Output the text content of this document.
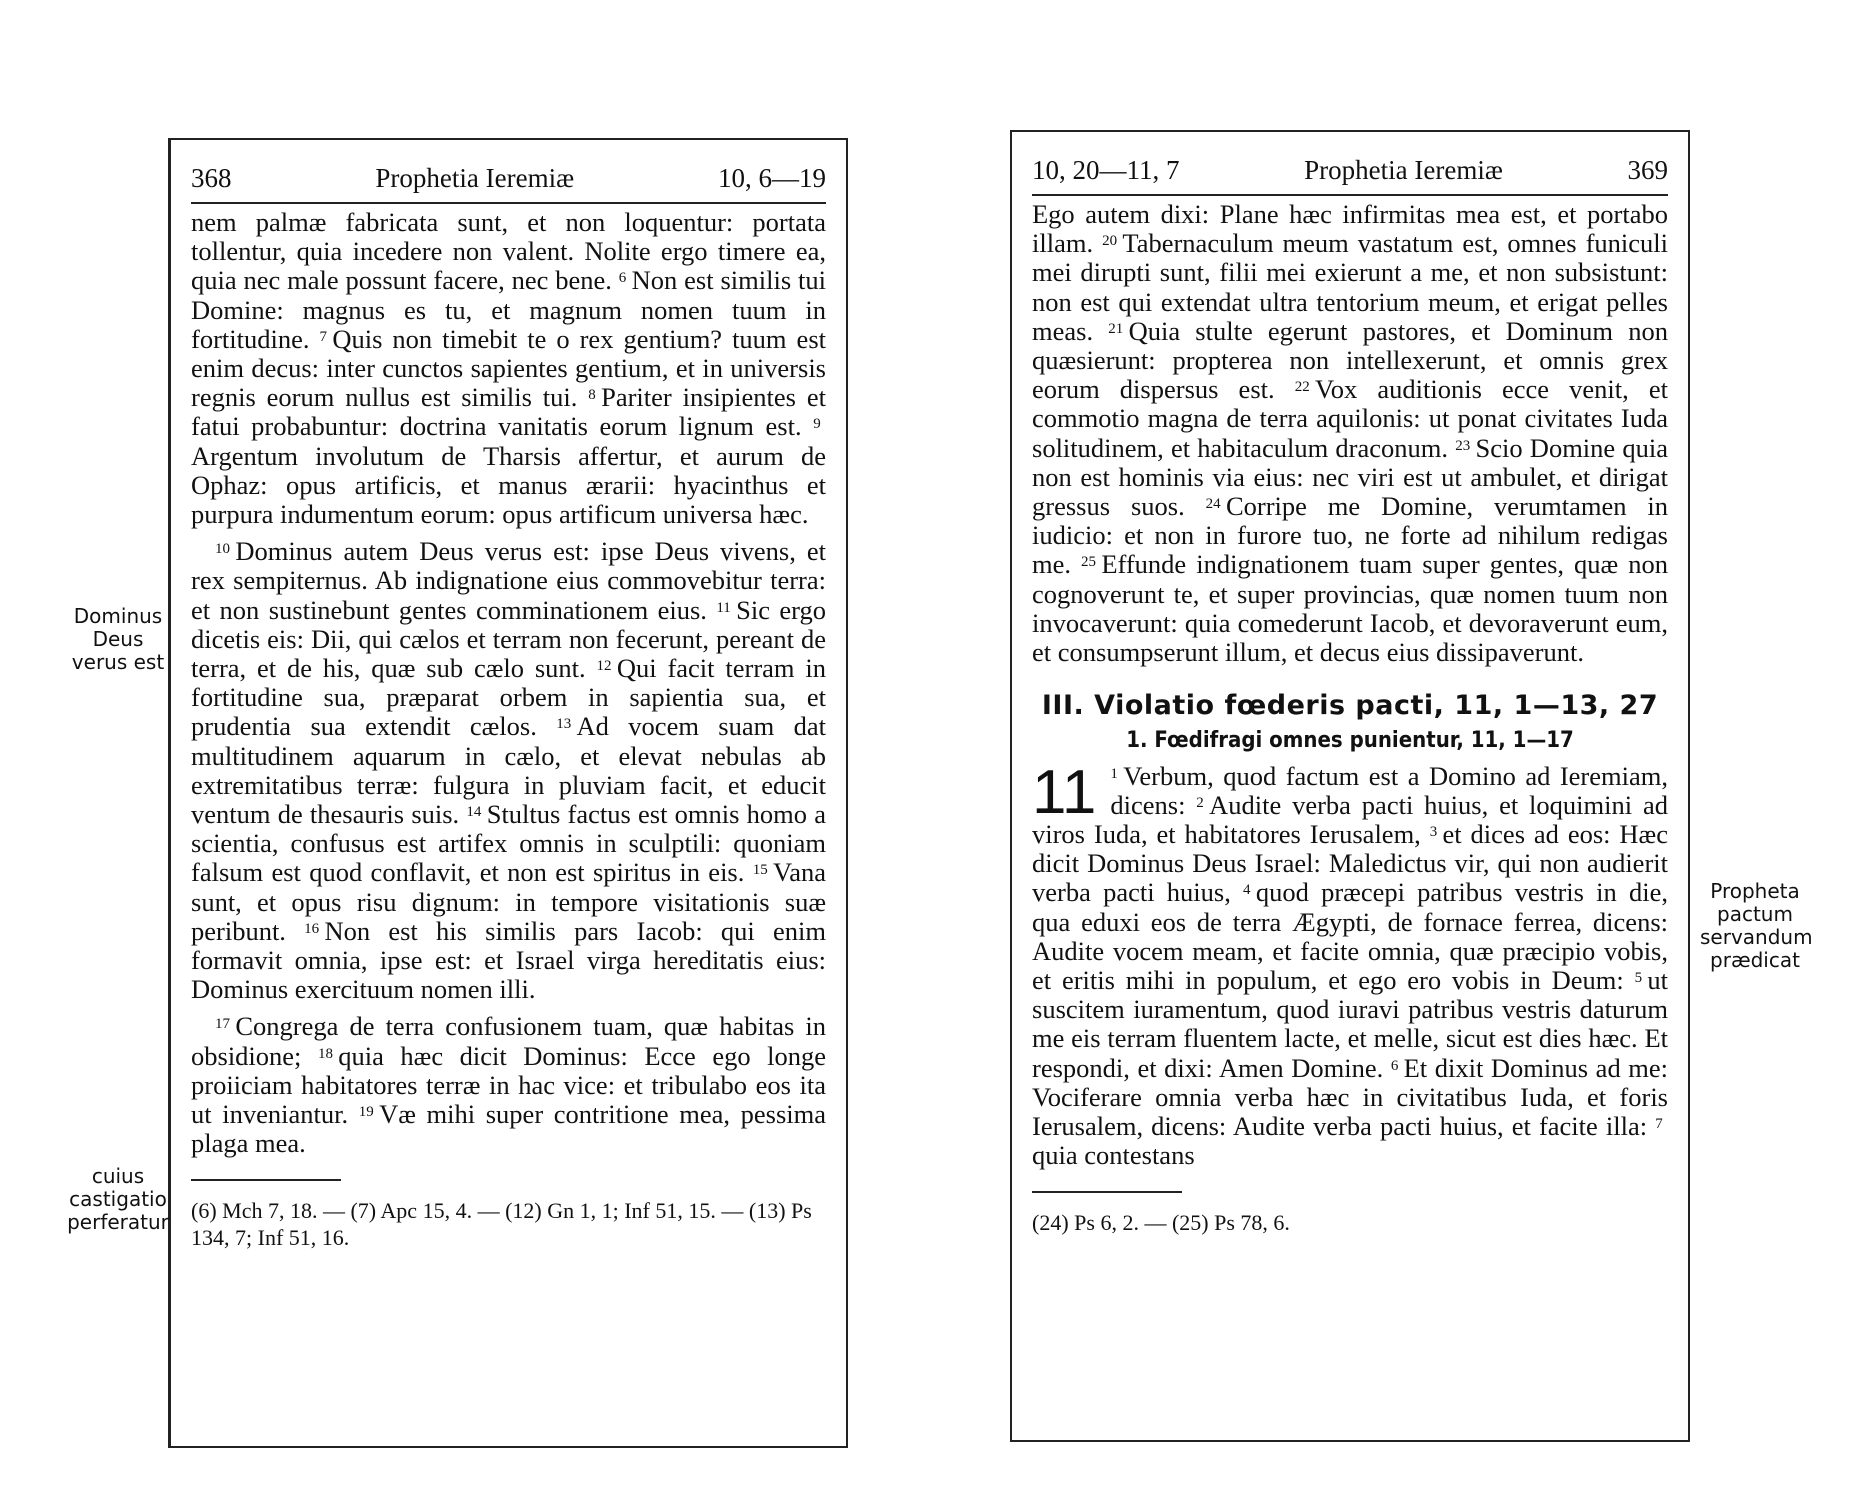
368	Prophetia Ieremiæ	10, 6—19

nem palmæ fabricata sunt, et non loquentur: portata tollentur, quia incedere non valent. Nolite ergo timere ea, quia nec male possunt facere, nec bene. $^6$  Non est similis tui Domine: magnus es tu, et magnum nomen tuum in fortitudine. $^7$  Quis non timebit te o rex gentium? tuum est enim decus: inter cunctos sapientes gentium, et in universis regnis eorum nullus est similis tui. $^8$  Pariter insipientes et fatui probabuntur: doctrina vanitatis eorum lignum est. $^9$ Argentum involutum de Tharsis affertur, et aurum de Ophaz: opus artificis, et manus ærarii: hyacinthus et purpura indumentum eorum: opus artificum universa hæc.

$^{10}$  Dominus autem Deus verus est: ipse Deus vivens, et rex sempiternus. Ab indignatione eius commovebitur terra: et non sustinebunt gentes comminationem eius. $^{11}$  Sic ergo dicetis eis: Dii, qui cælos et terram non fecerunt, pereant de terra, et de his, quæ sub cælo sunt. $^{12}$  Qui facit terram in fortitudine sua, præparat orbem in sapientia sua, et prudentia sua extendit cælos. $^{13}$  Ad vocem suam dat multitudinem aquarum in cælo, et elevat nebulas ab extremitatibus terræ: fulgura in pluviam facit, et educit ventum de thesauris suis. $^{14}$  Stultus factus est omnis homo a scientia, confusus est artifex omnis in sculptili: quoniam falsum est quod conflavit, et non est spiritus in eis. $^{15}$  Vana sunt, et opus risu dignum: in tempore visitationis suæ peribunt. $^{16}$  Non est his similis pars Iacob: qui enim formavit omnia, ipse est: et Israel virga hereditatis eius: Dominus exercituum nomen illi.

$^{17}$  Congrega de terra confusionem tuam, quæ habitas in obsidione; $^{18}$  quia hæc dicit Dominus: Ecce ego longe proiiciam habitatores terræ in hac vice: et tribulabo eos ita ut inveniantur. $^{19}$  Væ mihi super contritione mea, pessima plaga mea.

(6) Mch 7, 18. — (7) Apc 15, 4. — (12) Gn 1, 1; Inf 51, 15. — (13) Ps 134, 7; Inf 51, 16.
Dominus Deus verus est
cuius castigatio perferatur
10, 20—11, 7	Prophetia Ieremiæ	369

Ego autem dixi: Plane hæc infirmitas mea est, et portabo illam. $^{20}$  Tabernaculum meum vastatum est, omnes funiculi mei dirupti sunt, filii mei exierunt a me, et non subsistunt: non est qui extendat ultra tentorium meum, et erigat pelles meas. $^{21}$  Quia stulte egerunt pastores, et Dominum non quæsierunt: propterea non intellexerunt, et omnis grex eorum dispersus est. $^{22}$  Vox auditionis ecce venit, et commotio magna de terra aquilonis: ut ponat civitates Iuda solitudinem, et habitaculum draconum. $^{23}$  Scio Domine quia non est hominis via eius: nec viri est ut ambulet, et dirigat gressus suos. $^{24}$  Corripe me Domine, verumtamen in iudicio: et non in furore tuo, ne forte ad nihilum redigas me. $^{25}$  Effunde indignationem tuam super gentes, quæ non cognoverunt te, et super provincias, quæ nomen tuum non invocaverunt: quia comederunt Iacob, et devoraverunt eum, et consumpserunt illum, et decus eius dissipaverunt.

III. Violatio fœderis pacti, 11, 1—13, 27
1. Fœdifragi omnes punientur, 11, 1—17

11 $^1$  Verbum, quod factum est a Domino ad Ieremiam, dicens: $^2$  Audite verba pacti huius, et loquimini ad viros Iuda, et habitatores Ierusalem, $^3$  et dices ad eos: Hæc dicit Dominus Deus Israel: Maledictus vir, qui non audierit verba pacti huius, $^4$  quod præcepi patribus vestris in die, qua eduxi eos de terra Ægypti, de fornace ferrea, dicens: Audite vocem meam, et facite omnia, quæ præcipio vobis, et eritis mihi in populum, et ego ero vobis in Deum: $^5$  ut suscitem iuramentum, quod iuravi patribus vestris daturum me eis terram fluentem lacte, et melle, sicut est dies hæc. Et respondi, et dixi: Amen Domine. $^6$  Et dixit Dominus ad me: Vociferare omnia verba hæc in civitatibus Iuda, et foris Ierusalem, dicens: Audite verba pacti huius, et facite illa: $^7$ quia contestans

(24) Ps 6, 2. — (25) Ps 78, 6.
Propheta pactum servandum prædicat
